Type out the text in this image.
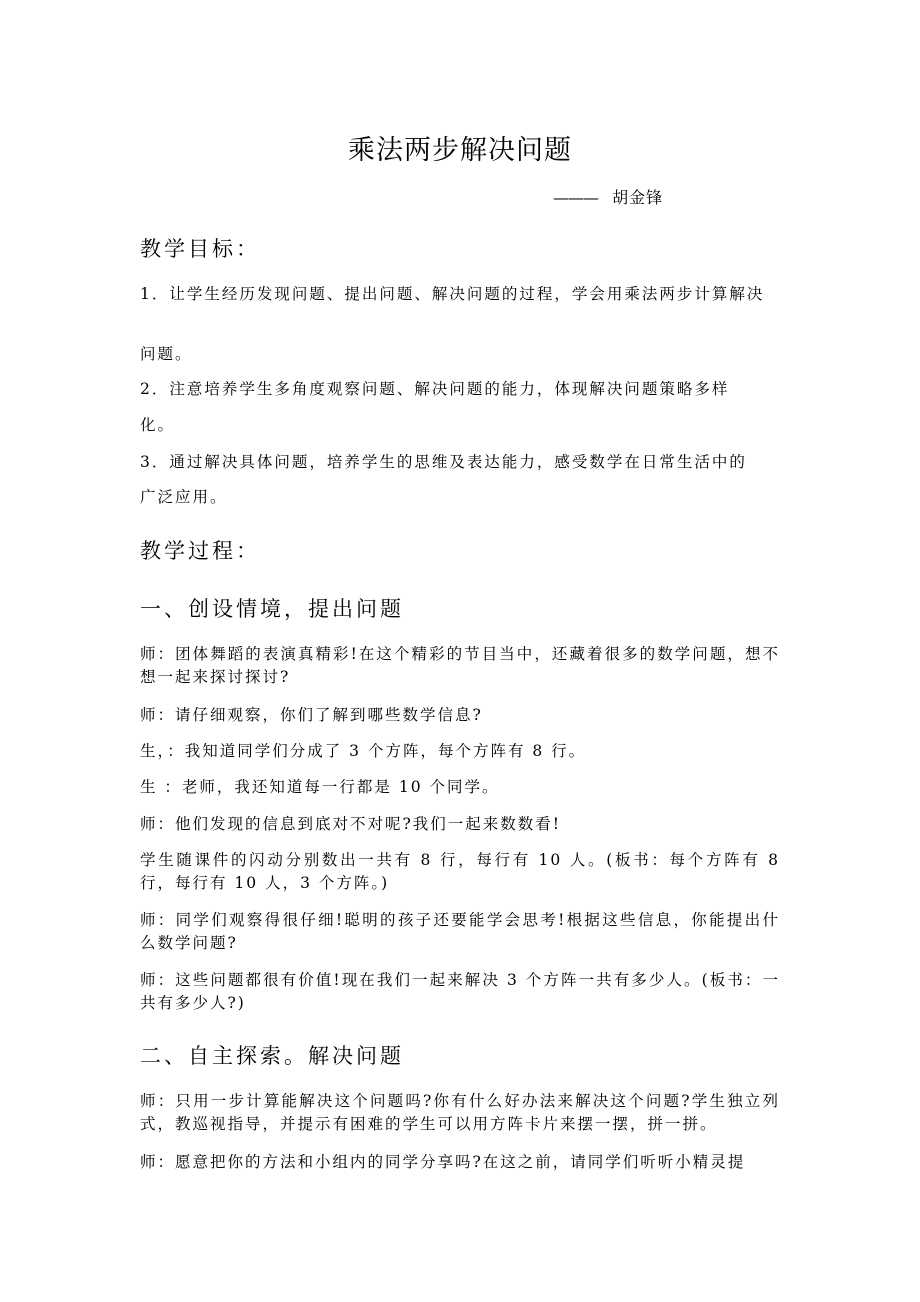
乘法两步解决问题
——— 胡金锋
教学目标：
1．让学生经历发现问题、提出问题、解决问题的过程，学会用乘法两步计算解决
问题。
2．注意培养学生多角度观察问题、解决问题的能力，体现解决问题策略多样
化。
3．通过解决具体问题，培养学生的思维及表达能力，感受数学在日常生活中的
广泛应用。
教学过程：
一、创设情境，提出问题
师：团体舞蹈的表演真精彩!在这个精彩的节目当中，还藏着很多的数学问题，想不想一起来探讨探讨?
师：请仔细观察，你们了解到哪些数学信息?
生，：我知道同学们分成了 3 个方阵，每个方阵有 8 行。
生 ：老师，我还知道每一行都是 10 个同学。
师：他们发现的信息到底对不对呢?我们一起来数数看!
学生随课件的闪动分别数出一共有 8 行，每行有 10 人。(板书：每个方阵有 8 行，每行有 10 人，3 个方阵。)
师：同学们观察得很仔细!聪明的孩子还要能学会思考!根据这些信息，你能提出什么数学问题?
师：这些问题都很有价值!现在我们一起来解决 3 个方阵一共有多少人。(板书：一共有多少人?)
二、自主探索。解决问题
师：只用一步计算能解决这个问题吗?你有什么好办法来解决这个问题?学生独立列式，教巡视指导，并提示有困难的学生可以用方阵卡片来摆一摆，拼一拼。
师：愿意把你的方法和小组内的同学分享吗?在这之前，请同学们听听小精灵提
